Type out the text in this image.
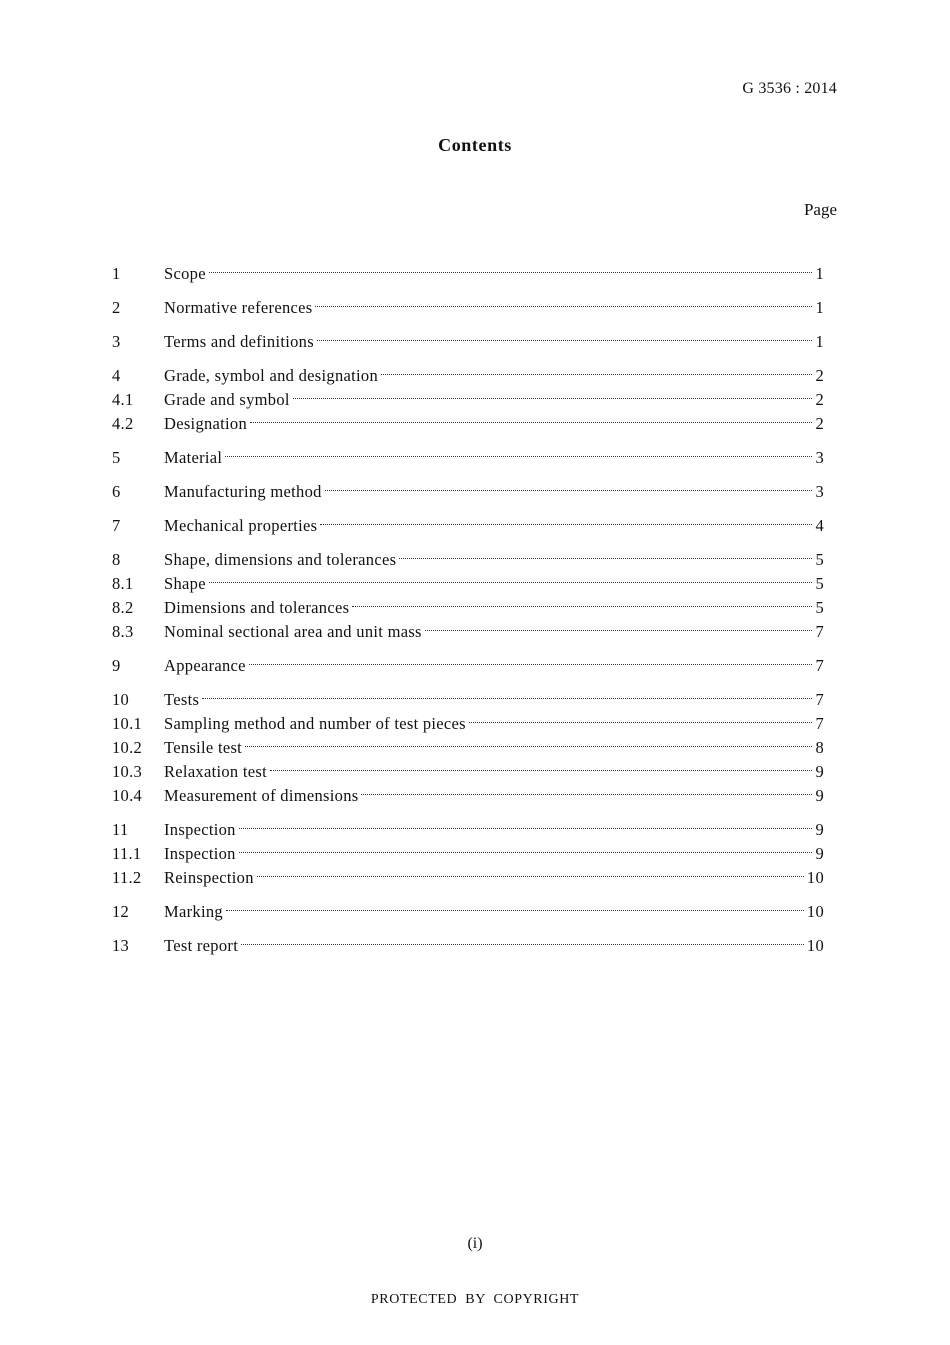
G 3536 : 2014
Contents
Page
1	Scope	1
2	Normative references	1
3	Terms and definitions	1
4	Grade, symbol and designation	2
4.1	Grade and symbol	2
4.2	Designation	2
5	Material	3
6	Manufacturing method	3
7	Mechanical properties	4
8	Shape, dimensions and tolerances	5
8.1	Shape	5
8.2	Dimensions and tolerances	5
8.3	Nominal sectional area and unit mass	7
9	Appearance	7
10	Tests	7
10.1	Sampling method and number of test pieces	7
10.2	Tensile test	8
10.3	Relaxation test	9
10.4	Measurement of dimensions	9
11	Inspection	9
11.1	Inspection	9
11.2	Reinspection	10
12	Marking	10
13	Test report	10
(i)
PROTECTED BY COPYRIGHT
